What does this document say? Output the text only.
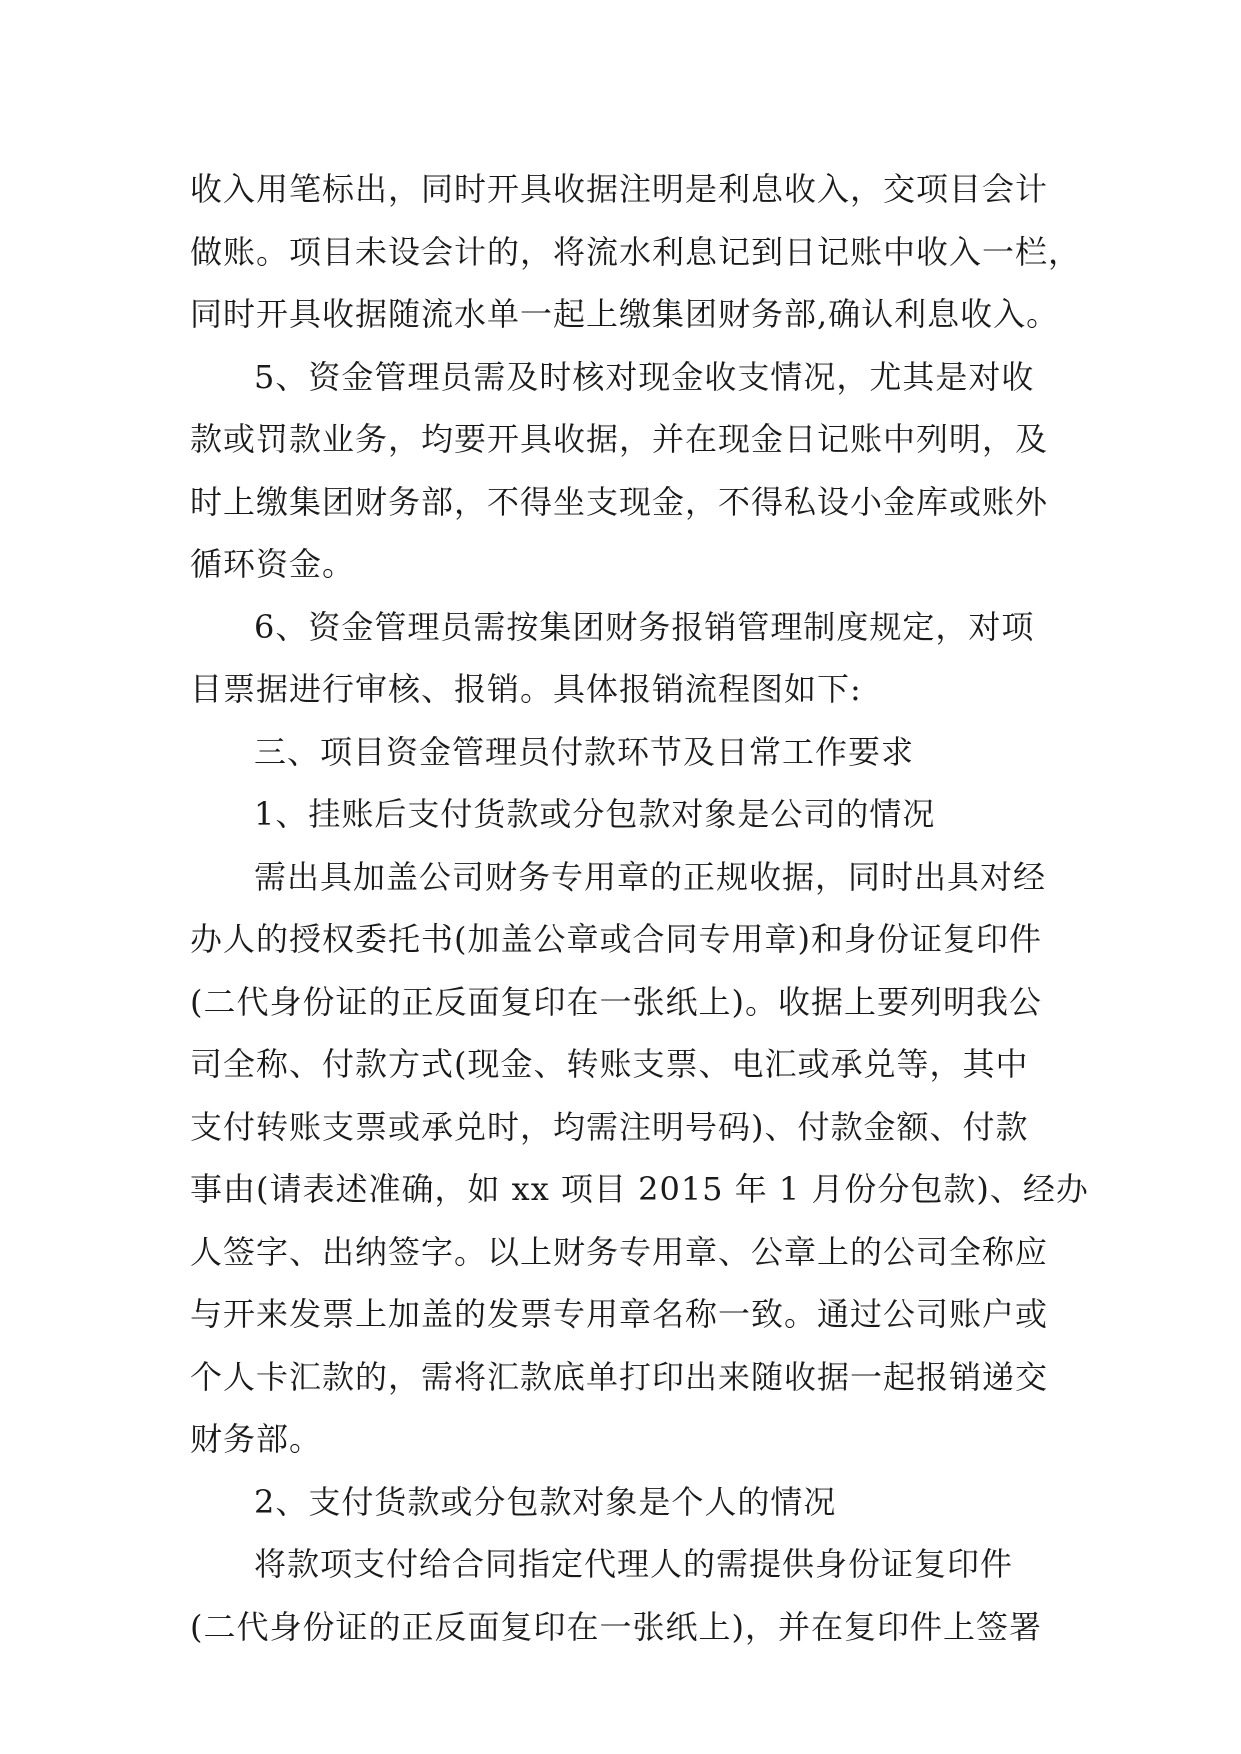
收入用笔标出，同时开具收据注明是利息收入，交项目会计
做账。项目未设会计的，将流水利息记到日记账中收入一栏，
同时开具收据随流水单一起上缴集团财务部,确认利息收入。
5、资金管理员需及时核对现金收支情况，尤其是对收
款或罚款业务，均要开具收据，并在现金日记账中列明，及
时上缴集团财务部，不得坐支现金，不得私设小金库或账外
循环资金。
6、资金管理员需按集团财务报销管理制度规定，对项
目票据进行审核、报销。具体报销流程图如下:
三、项目资金管理员付款环节及日常工作要求
1、挂账后支付货款或分包款对象是公司的情况
需出具加盖公司财务专用章的正规收据，同时出具对经
办人的授权委托书(加盖公章或合同专用章)和身份证复印件
(二代身份证的正反面复印在一张纸上)。收据上要列明我公
司全称、付款方式(现金、转账支票、电汇或承兑等，其中
支付转账支票或承兑时，均需注明号码)、付款金额、付款
事由(请表述准确，如 xx 项目 2015 年 1 月份分包款)、经办
人签字、出纳签字。以上财务专用章、公章上的公司全称应
与开来发票上加盖的发票专用章名称一致。通过公司账户或
个人卡汇款的，需将汇款底单打印出来随收据一起报销递交
财务部。
2、支付货款或分包款对象是个人的情况
将款项支付给合同指定代理人的需提供身份证复印件
(二代身份证的正反面复印在一张纸上)，并在复印件上签署
